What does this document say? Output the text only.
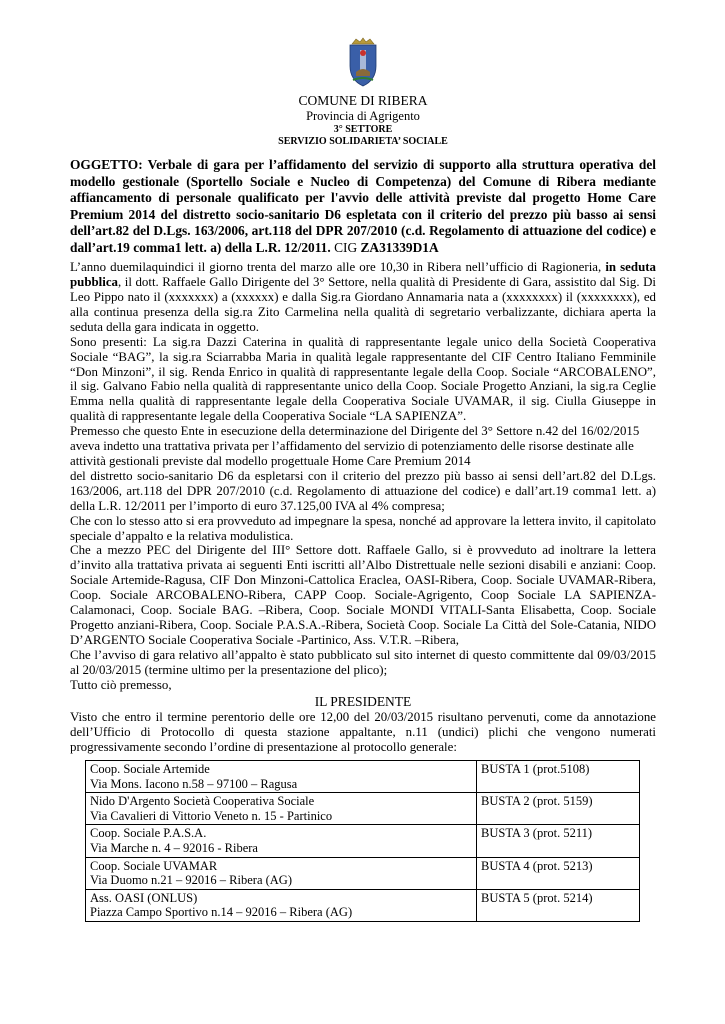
COMUNE DI RIBERA
Provincia di Agrigento
3° SETTORE
SERVIZIO SOLIDARIETA’ SOCIALE
OGGETTO: Verbale di gara per l’affidamento del servizio di supporto alla struttura operativa del modello gestionale (Sportello Sociale e Nucleo di Competenza) del Comune di Ribera mediante affiancamento di personale qualificato per l'avvio delle attività previste dal progetto Home Care Premium 2014 del distretto socio-sanitario D6 espletata con il criterio del prezzo più basso ai sensi dell’art.82 del D.Lgs. 163/2006, art.118 del DPR 207/2010 (c.d. Regolamento di attuazione del codice) e dall’art.19 comma1 lett. a) della L.R. 12/2011. CIG ZA31339D1A

L’anno duemilaquindici il giorno trenta del marzo alle ore 10,30 in Ribera nell’ufficio di Ragioneria, in seduta pubblica, il dott. Raffaele Gallo Dirigente del 3° Settore, nella qualità di Presidente di Gara, assistito dal Sig. Di Leo Pippo nato il (xxxxxxx) a (xxxxxx) e dalla Sig.ra Giordano Annamaria nata a (xxxxxxxx) il (xxxxxxxx), ed alla continua presenza della sig.ra Zito Carmelina nella qualità di segretario verbalizzante, dichiara aperta la seduta della gara indicata in oggetto.

Sono presenti: La sig.ra Dazzi Caterina in qualità di rappresentante legale unico della Società Cooperativa Sociale “BAG”, la sig.ra Sciarrabba Maria in qualità legale rappresentante del CIF Centro Italiano Femminile “Don Minzoni”, il sig. Renda Enrico in qualità di rappresentante legale della Coop. Sociale “ARCOBALENO”, il sig. Galvano Fabio nella qualità di rappresentante unico della Coop. Sociale Progetto Anziani, la sig.ra Ceglie Emma nella qualità di rappresentante legale della Cooperativa Sociale UVAMAR, il sig. Ciulla Giuseppe in qualità di rappresentante legale della Cooperativa Sociale “LA SAPIENZA”.

Premesso che questo Ente in esecuzione della determinazione del Dirigente del 3° Settore n.42 del 16/02/2015 aveva indetto una trattativa privata per l’affidamento del servizio di potenziamento delle risorse destinate alle attività gestionali previste dal modello progettuale Home Care Premium 2014

del distretto socio-sanitario D6 da espletarsi con il criterio del prezzo più basso ai sensi dell’art.82 del D.Lgs. 163/2006, art.118 del DPR 207/2010 (c.d. Regolamento di attuazione del codice) e dall’art.19 comma1 lett. a) della L.R. 12/2011 per l’importo di euro 37.125,00 IVA al 4% compresa;

Che con lo stesso atto si era provveduto ad impegnare la spesa, nonché ad approvare la lettera invito, il capitolato speciale d’appalto e la relativa modulistica.

Che a mezzo PEC del Dirigente del III° Settore dott. Raffaele Gallo, si è provveduto ad inoltrare la lettera d’invito alla trattativa privata ai seguenti Enti iscritti all’Albo Distrettuale nelle sezioni disabili e anziani: Coop. Sociale Artemide-Ragusa, CIF Don Minzoni-Cattolica Eraclea, OASI-Ribera, Coop. Sociale UVAMAR-Ribera, Coop. Sociale ARCOBALENO-Ribera, CAPP Coop. Sociale-Agrigento, Coop Sociale LA SAPIENZA-Calamonaci, Coop. Sociale BAG. –Ribera, Coop. Sociale MONDI VITALI-Santa Elisabetta, Coop. Sociale Progetto anziani-Ribera, Coop. Sociale P.A.S.A.-Ribera, Società Coop. Sociale La Città del Sole-Catania, NIDO D’ARGENTO Sociale Cooperativa Sociale -Partinico, Ass. V.T.R. –Ribera,

Che l’avviso di gara relativo all’appalto è stato pubblicato sul sito internet di questo committente dal 09/03/2015 al 20/03/2015 (termine ultimo per la presentazione del plico);

Tutto ciò premesso,

IL PRESIDENTE

Visto che entro il termine perentorio delle ore 12,00 del 20/03/2015 risultano pervenuti, come da annotazione dell’Ufficio di Protocollo di questa stazione appaltante, n.11 (undici) plichi che vengono numerati progressivamente secondo l’ordine di presentazione al protocollo generale:

Coop. Sociale Artemide
Via Mons. Iacono n.58 – 97100 – Ragusa	BUSTA 1 (prot.5108)

Nido D'Argento Società Cooperativa Sociale
Via Cavalieri di Vittorio Veneto n. 15 - Partinico	BUSTA 2 (prot. 5159)

Coop. Sociale P.A.S.A.
Via Marche n. 4 – 92016 - Ribera	BUSTA 3 (prot. 5211)

Coop. Sociale UVAMAR
Via Duomo n.21 – 92016 – Ribera (AG)	BUSTA 4 (prot. 5213)

Ass. OASI (ONLUS)
Piazza Campo Sportivo n.14 – 92016 – Ribera (AG)	BUSTA 5 (prot. 5214)
